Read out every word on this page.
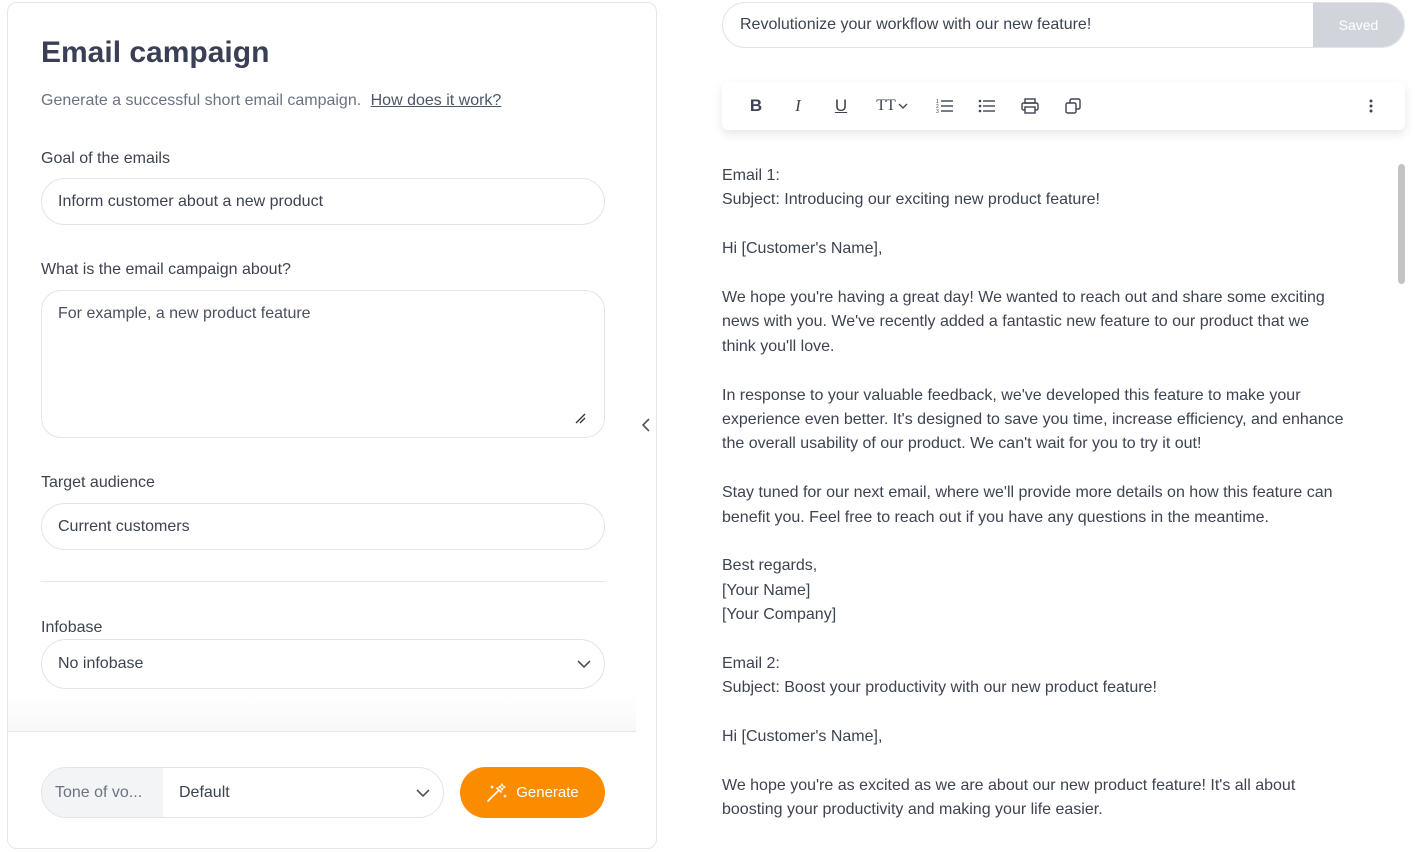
Email campaign
Generate a successful short email campaign. How does it work?
Goal of the emails
Inform customer about a new product
What is the email campaign about?
For example, a new product feature
Target audience
Current customers
Infobase
No infobase
Tone of vo...	Default	Generate
Revolutionize your workflow with our new feature!	Saved
B	I	U	TT	1
2
3

Email 1:

Subject: Introducing our exciting new product feature!

Hi [Customer's Name],

We hope you're having a great day! We wanted to reach out and share some exciting

news with you. We've recently added a fantastic new feature to our product that we

think you'll love.

In response to your valuable feedback, we've developed this feature to make your

experience even better. It's designed to save you time, increase efficiency, and enhance

the overall usability of our product. We can't wait for you to try it out!

Stay tuned for our next email, where we'll provide more details on how this feature can

benefit you. Feel free to reach out if you have any questions in the meantime.

Best regards,

[Your Name]

[Your Company]

Email 2:

Subject: Boost your productivity with our new product feature!

Hi [Customer's Name],

We hope you're as excited as we are about our new product feature! It's all about

boosting your productivity and making your life easier.
